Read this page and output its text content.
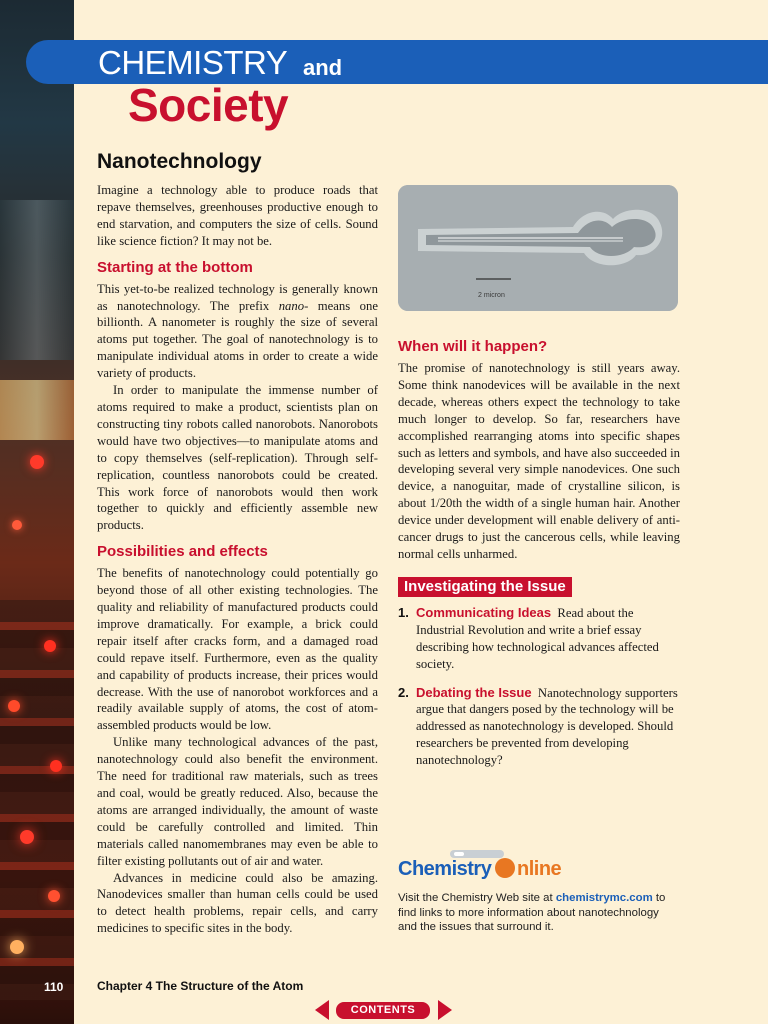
CHEMISTRY and
Society
Nanotechnology

Imagine a technology able to produce roads that repave themselves, greenhouses productive enough to end starvation, and computers the size of cells. Sound like science fiction? It may not be.

Starting at the bottom

This yet-to-be realized technology is generally known as nanotechnology. The prefix nano- means one billionth. A nanometer is roughly the size of several atoms put together. The goal of nanotechnology is to manipulate individual atoms in order to create a wide variety of products.

In order to manipulate the immense number of atoms required to make a product, scientists plan on constructing tiny robots called nanorobots. Nanorobots would have two objectives—to manipulate atoms and to copy themselves (self-replication). Through self-replication, countless nanorobots could be created. This work force of nanorobots would then work together to quickly and efficiently assemble new products.

Possibilities and effects

The benefits of nanotechnology could potentially go beyond those of all other existing technologies. The quality and reliability of manufactured products could improve dramatically. For example, a brick could repair itself after cracks form, and a damaged road could repave itself. Furthermore, even as the quality and capability of products increase, their prices would decrease. With the use of nanorobot workforces and a readily available supply of atoms, the cost of atom-assembled products would be low.

Unlike many technological advances of the past, nanotechnology could also benefit the environment. The need for traditional raw materials, such as trees and coal, would be greatly reduced. Also, because the atoms are arranged individually, the amount of waste could be carefully controlled and limited. Thin materials called nanomembranes may even be able to filter existing pollutants out of air and water.

Advances in medicine could also be amazing. Nanodevices smaller than human cells could be used to detect health problems, repair cells, and carry medicines to specific sites in the body.

2 micron
When will it happen?

The promise of nanotechnology is still years away. Some think nanodevices will be available in the next decade, whereas others expect the technology to take much longer to develop. So far, researchers have accomplished rearranging atoms into specific shapes such as letters and symbols, and have also succeeded in developing several very simple nanodevices. One such device, a nanoguitar, made of crystalline silicon, is about 1/20th the width of a single human hair. Another device under development will enable delivery of anti-cancer drugs to just the cancerous cells, while leaving normal cells unharmed.

Investigating the Issue
1. Communicating Ideas Read about the Industrial Revolution and write a brief essay describing how technological advances affected society.
2. Debating the Issue Nanotechnology supporters argue that dangers posed by the technology will be addressed as nanotechnology is developed. Should researchers be prevented from developing nanotechnology?
Chemistry nline
Visit the Chemistry Web site at chemistrymc.com to find links to more information about nanotechnology and the issues that surround it.
110	Chapter 4 The Structure of the Atom
CONTENTS
